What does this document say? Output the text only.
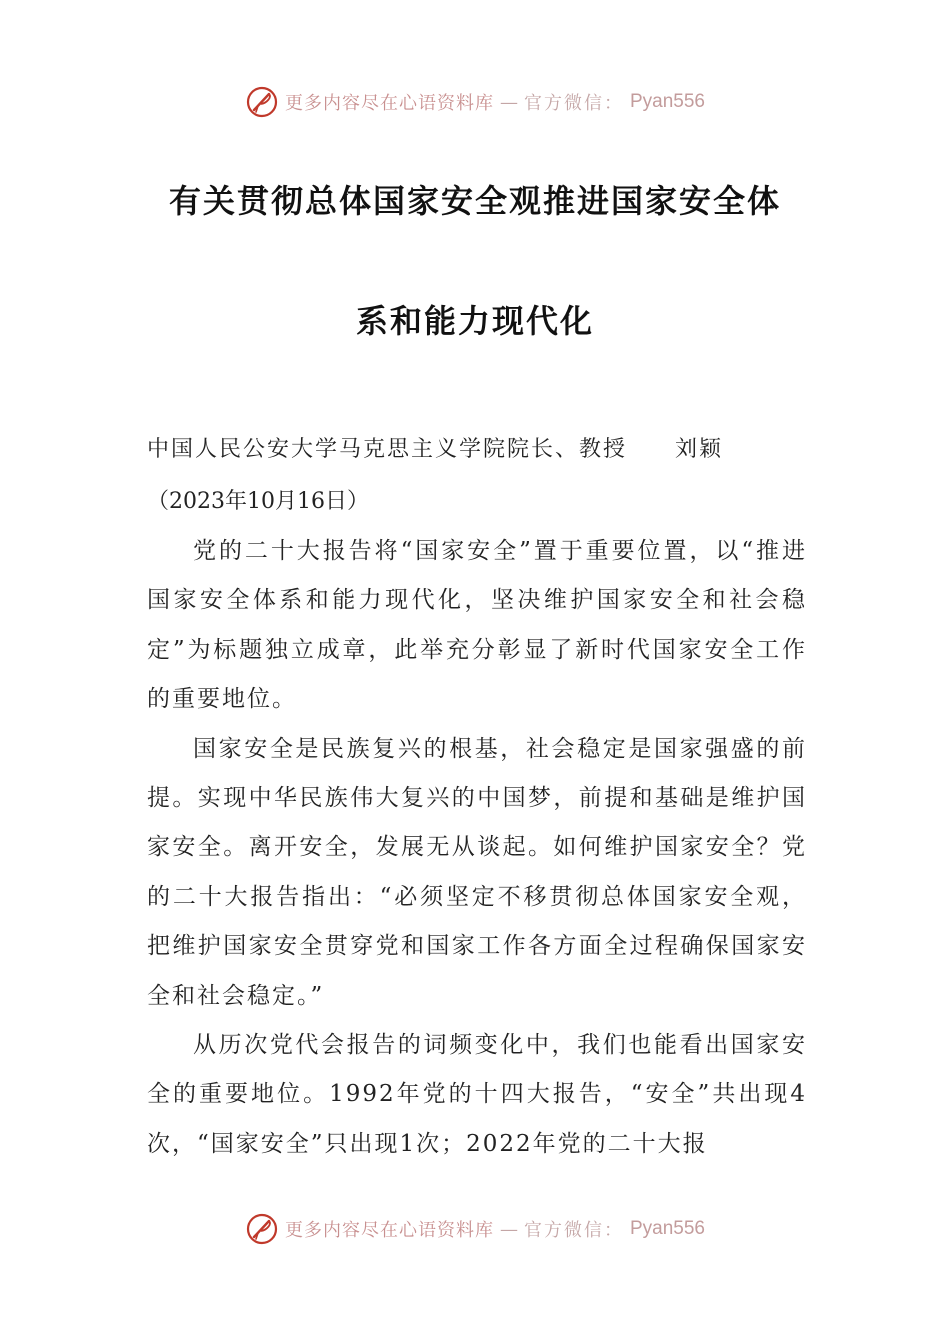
更多内容尽在心语资料库 — 官方微信： Pyan556
有关贯彻总体国家安全观推进国家安全体
系和能力现代化
中国人民公安大学马克思主义学院院长、教授 刘颖
（2023年10月16日）

党的二十大报告将“国家安全”置于重要位置，以“推进国家安全体系和能力现代化，坚决维护国家安全和社会稳定”为标题独立成章，此举充分彰显了新时代国家安全工作的重要地位。

国家安全是民族复兴的根基，社会稳定是国家强盛的前提。实现中华民族伟大复兴的中国梦，前提和基础是维护国家安全。离开安全，发展无从谈起。如何维护国家安全？党的二十大报告指出：“必须坚定不移贯彻总体国家安全观，把维护国家安全贯穿党和国家工作各方面全过程确保国家安全和社会稳定。”

从历次党代会报告的词频变化中，我们也能看出国家安全的重要地位。1992年党的十四大报告，“安全”共出现4次，“国家安全”只出现1次；2022年党的二十大报

更多内容尽在心语资料库 — 官方微信： Pyan556
